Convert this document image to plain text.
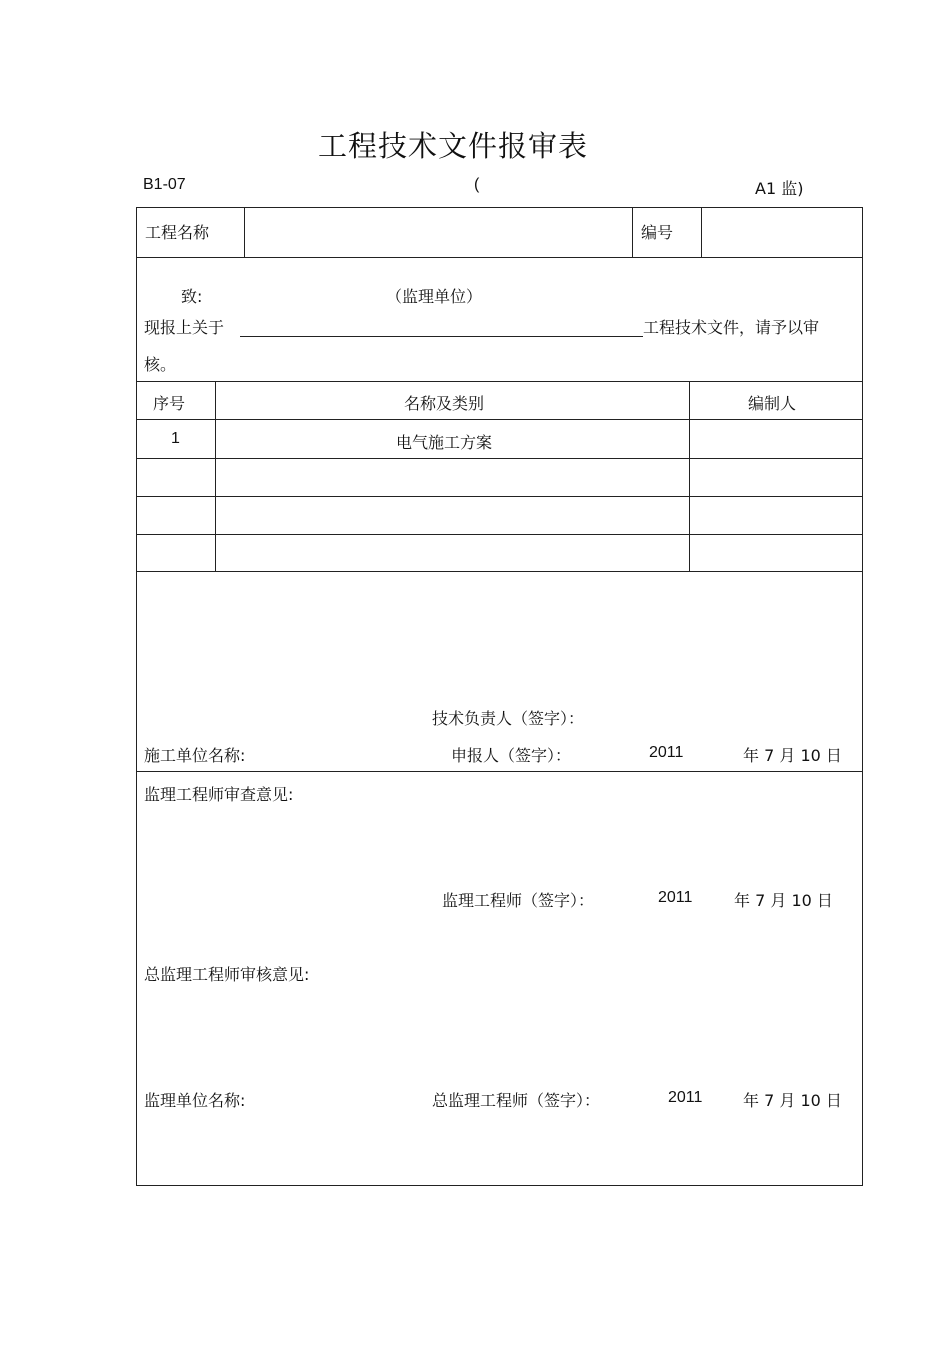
工程技术文件报审表
B1-07	(	A1 监)
工程名称	编号
致:	（监理单位）
现报上关于	工程技术文件，请予以审
核。
序号	名称及类别	编制人
1	电气施工方案
技术负责人（签字）：
施工单位名称:	申报人（签字）：	2011	年 7 月 10 日
监理工程师审查意见:
监理工程师（签字）：	2011	年 7 月 10 日
总监理工程师审核意见:
监理单位名称:	总监理工程师（签字）：	2011	年 7 月 10 日
